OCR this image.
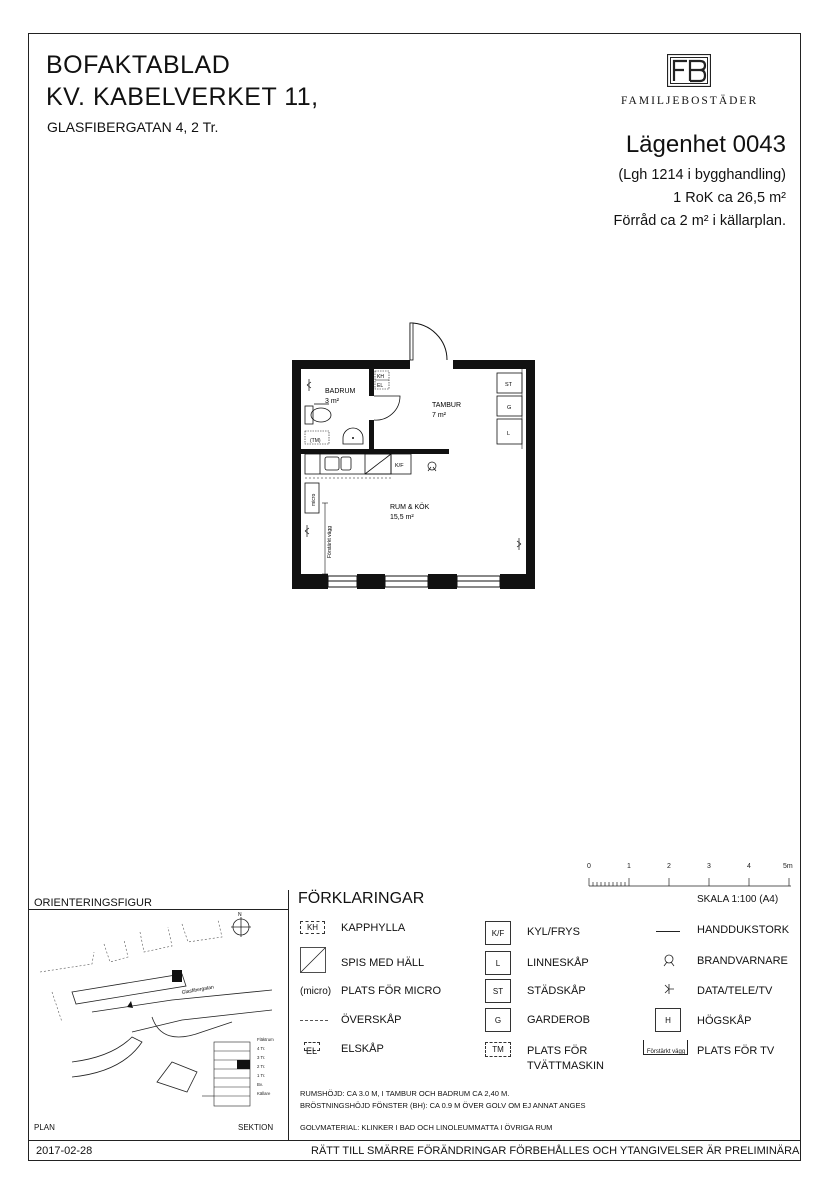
BOFAKTABLAD
KV. KABELVERKET 11,
GLASFIBERGATAN 4, 2 Tr.
FAMILJEBOSTÄDER
Lägenhet 0043
(Lgh 1214 i bygghandling)
1 RoK ca 26,5 m²
Förråd ca 2 m² i källarplan.
BADRUM
3 m²
TAMBUR
7 m²
RUM & KÖK
15,5 m²
KH
EL
(TM)
ST
G
L
K/F
micro
Förstärkt vägg
0	1	2	3	4	5m
SKALA 1:100 (A4)
FÖRKLARINGAR
ORIENTERINGSFIGUR
N
Glasfibergatan
Fläktrum
4 Tr.
3 Tr.
2 Tr.
1 Tr.
Bv.
Källare
PLAN	SEKTION
KH	KAPPHYLLA
SPIS MED HÄLL
(micro) PLATS FÖR MICRO
ÖVERSKÅP
EL ELSKÅP
K/F	KYL/FRYS
L	LINNESKÅP
ST	STÄDSKÅP
G	GARDEROB
TM	PLATS FÖR
TVÄTTMASKIN
HANDDUKSTORK
BRANDVARNARE
DATA/TELE/TV
H	HÖGSKÅP
Förstärkt vägg PLATS FÖR TV
RUMSHÖJD: CA 3.0 M, I TAMBUR OCH BADRUM CA 2,40 M.
BRÖSTNINGSHÖJD FÖNSTER (BH): CA 0.9 M ÖVER GOLV OM EJ ANNAT ANGES
GOLVMATERIAL: KLINKER I BAD OCH LINOLEUMMATTA I ÖVRIGA RUM
2017-02-28	RÄTT TILL SMÄRRE FÖRÄNDRINGAR FÖRBEHÅLLES OCH YTANGIVELSER ÄR PRELIMINÄRA
